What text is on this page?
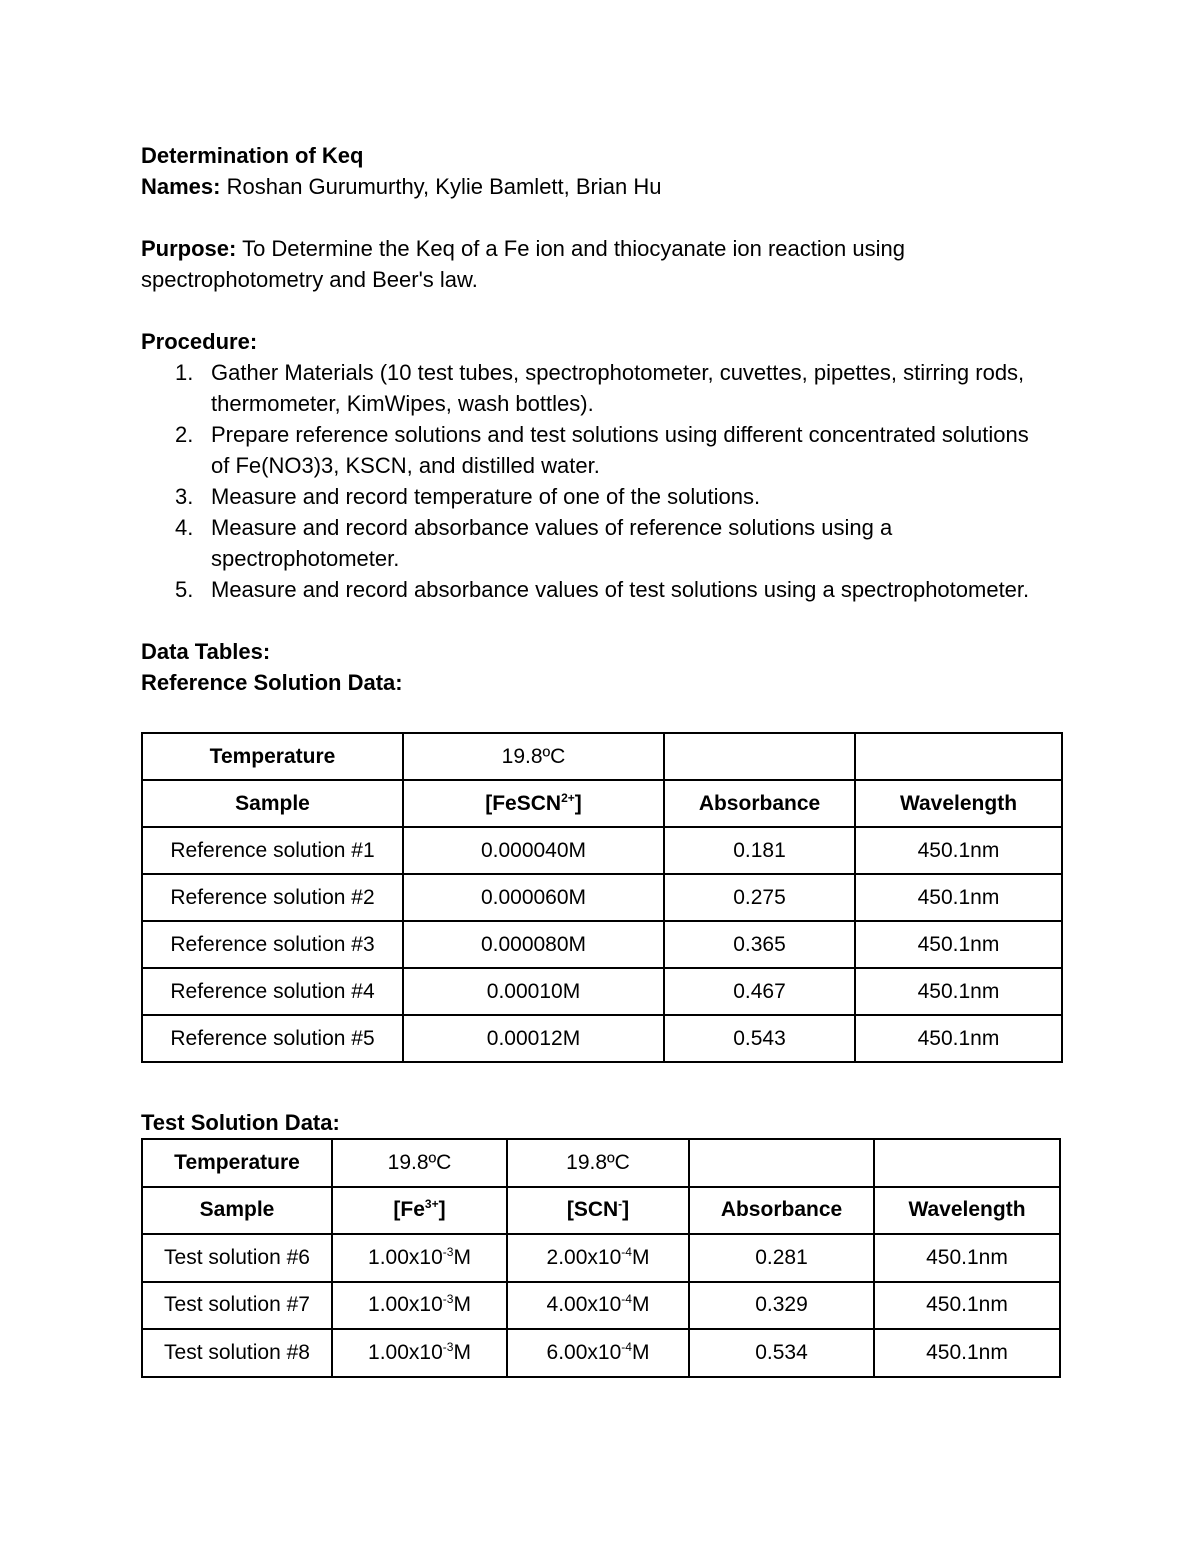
Determination of Keq
Names: Roshan Gurumurthy, Kylie Bamlett, Brian Hu
Purpose: To Determine the Keq of a Fe ion and thiocyanate ion reaction using spectrophotometry and Beer's law.
Procedure:
1. Gather Materials (10 test tubes, spectrophotometer, cuvettes, pipettes, stirring rods, thermometer, KimWipes, wash bottles).
2. Prepare reference solutions and test solutions using different concentrated solutions of Fe(NO3)3, KSCN, and distilled water.
3. Measure and record temperature of one of the solutions.
4. Measure and record absorbance values of reference solutions using a spectrophotometer.
5. Measure and record absorbance values of test solutions using a spectrophotometer.
Data Tables:
Reference Solution Data:
Temperature	19.8ºC		
Sample	[FeSCN$^{2+}$]	Absorbance	Wavelength
Reference solution #1	0.000040M	0.181	450.1nm
Reference solution #2	0.000060M	0.275	450.1nm
Reference solution #3	0.000080M	0.365	450.1nm
Reference solution #4	0.00010M	0.467	450.1nm
Reference solution #5	0.00012M	0.543	450.1nm
Test Solution Data:
Temperature	19.8ºC	19.8ºC		
Sample	$[Fe^{3+}]$	[SCN-]	Absorbance	Wavelength
Test solution #6	$1.00x10^{-3}M$	$2.00x10^{-4}M$	0.281	450.1nm
Test solution #7	$1.00x10^{-3}M$	$4.00x10^{-4}M$	0.329	450.1nm
Test solution #8	$1.00x10^{-3}M$	$6.00x10^{-4}M$	0.534	450.1nm
